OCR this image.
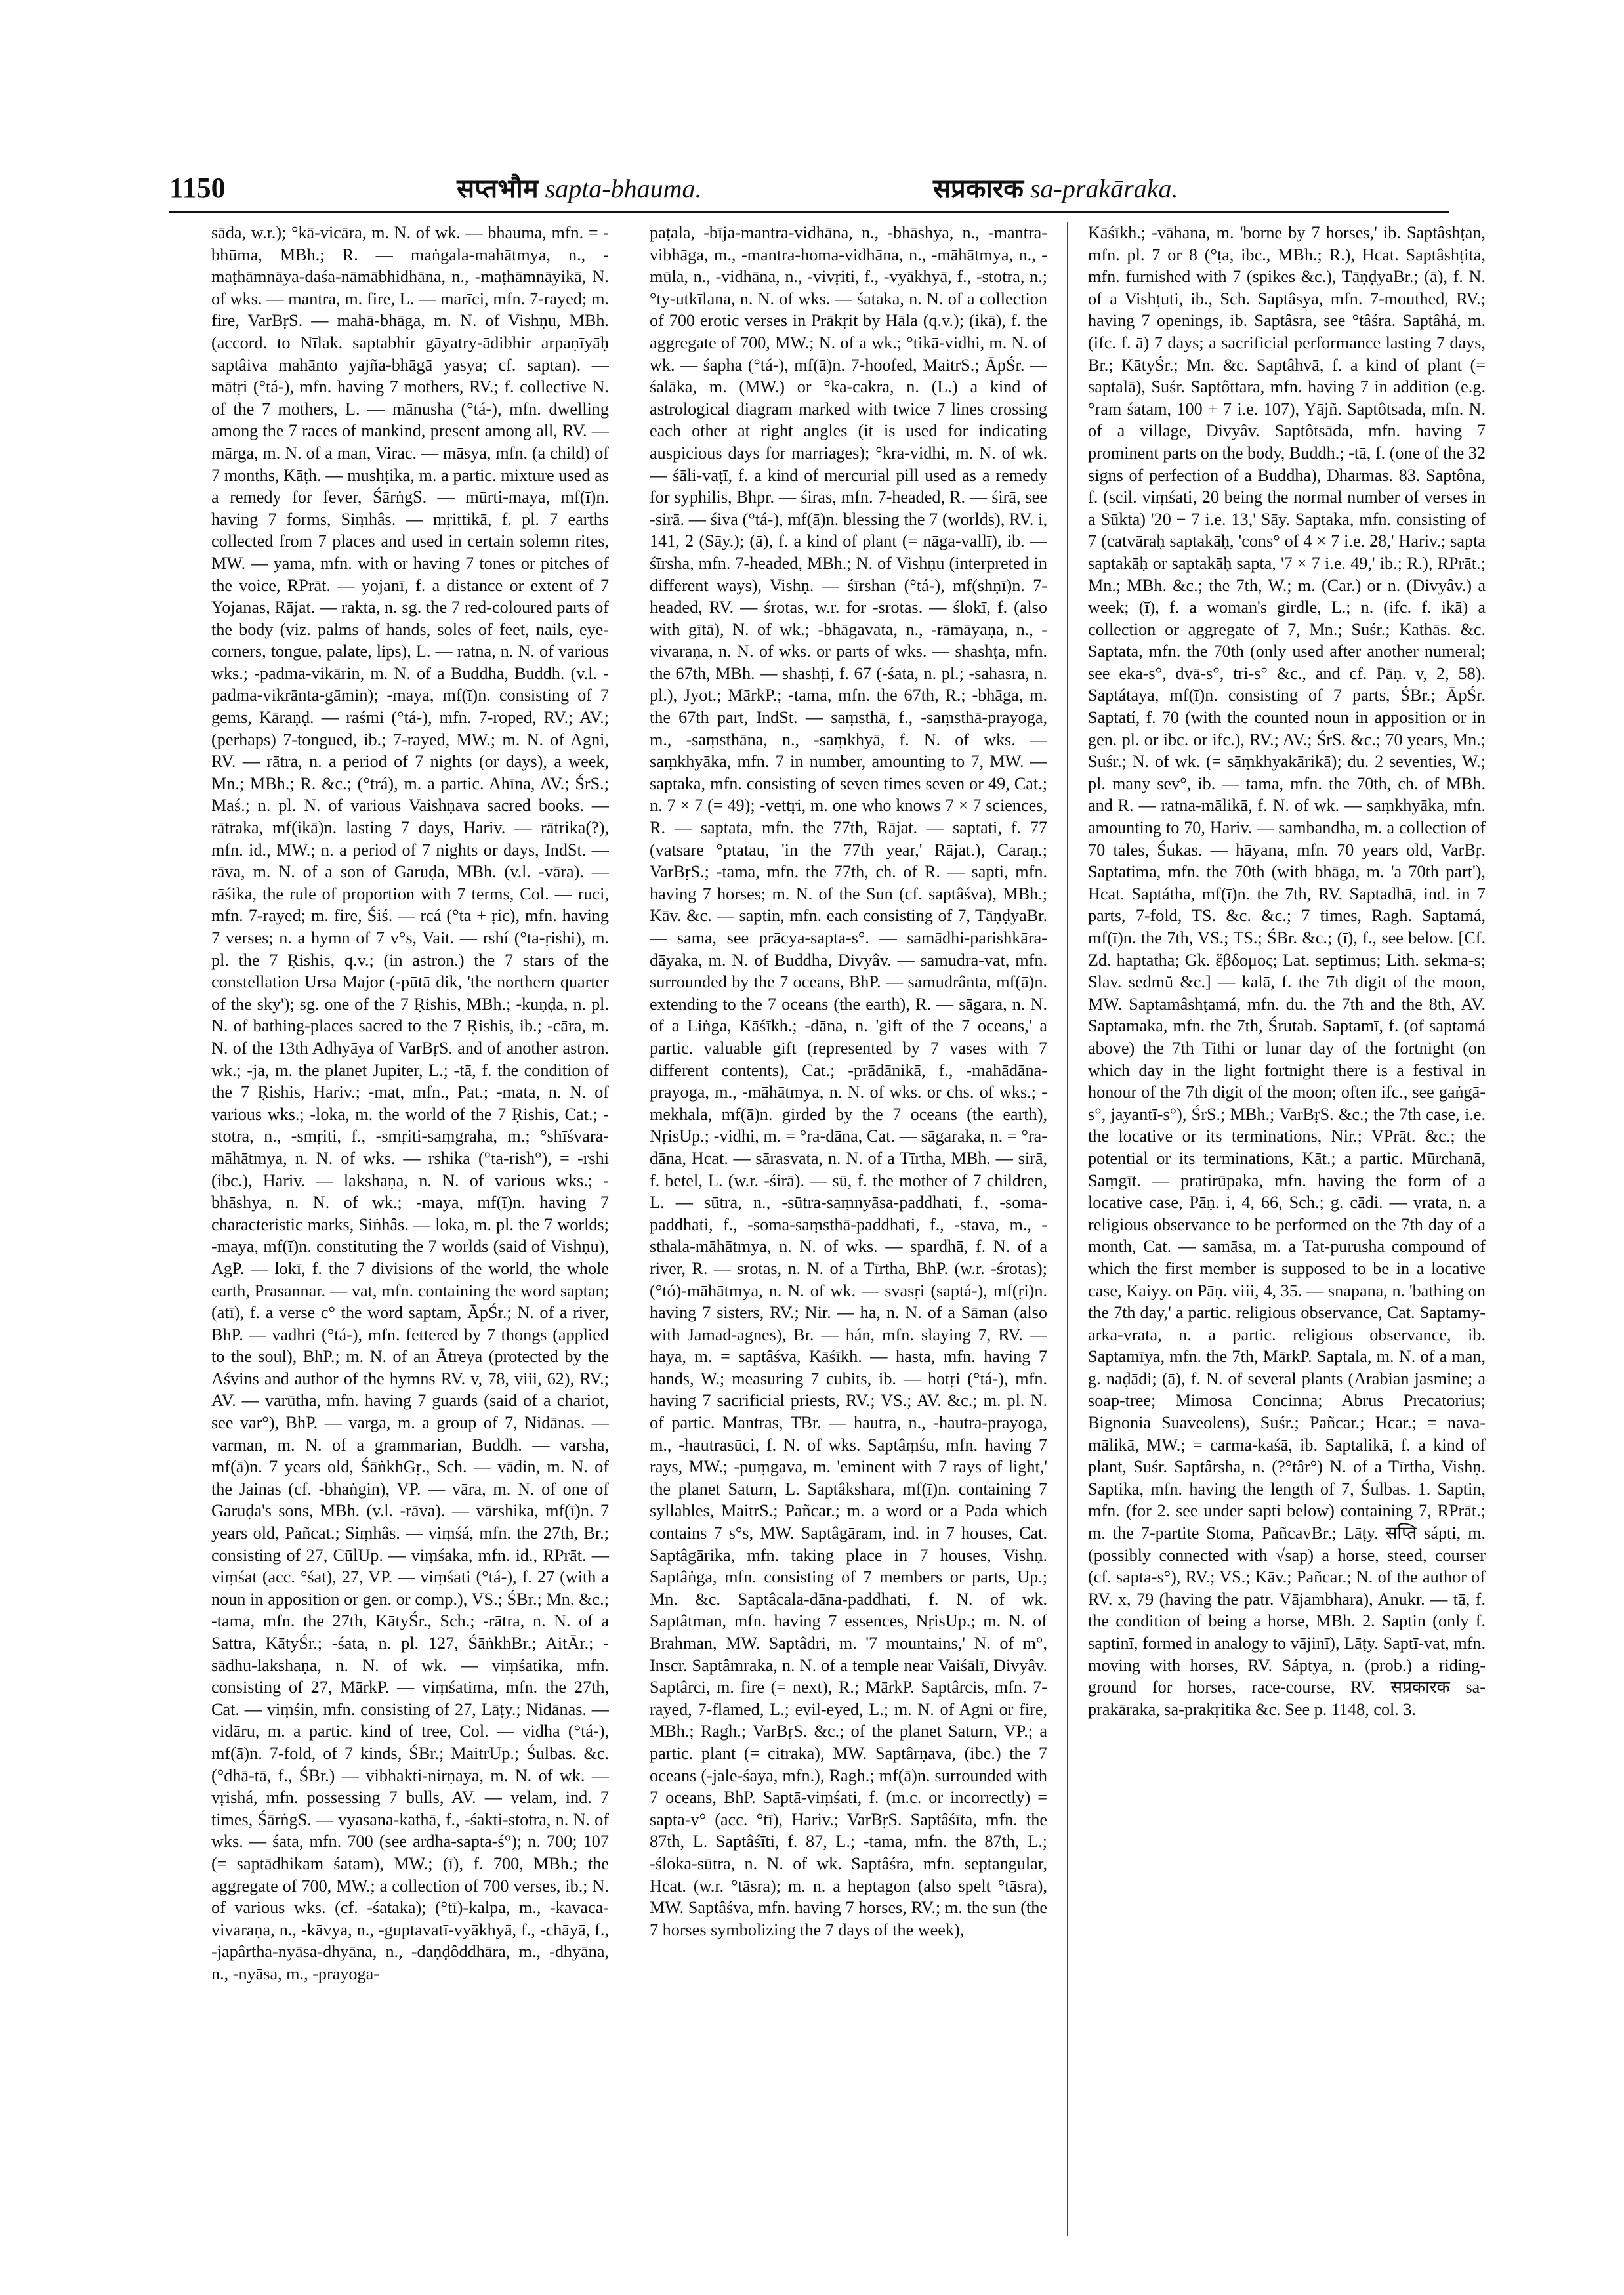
1150	सप्तभौम sapta-bhauma.	सप्रकारक sa-prakāraka.

sāda, w.r.); °kā-vicāra, m. N. of wk. — bhauma, mfn. = -bhūma, MBh.; R. — maṅgala-mahātmya, n., -maṭhāmnāya-daśa-nāmābhidhāna, n., -maṭhāmnāyikā, N. of wks. — mantra, m. fire, L. — marīci, mfn. 7-rayed; m. fire, VarBṛS. — mahā-bhāga, m. N. of Vishṇu, MBh. (accord. to Nīlak. saptabhir gāyatry-ādibhir arpaṇīyāḥ saptâiva mahānto yajña-bhāgā yasya; cf. saptan). — mātṛi (°tá-), mfn. having 7 mothers, RV.; f. collective N. of the 7 mothers, L. — mānusha (°tá-), mfn. dwelling among the 7 races of mankind, present among all, RV. — mārga, m. N. of a man, Virac. — māsya, mfn. (a child) of 7 months, Kāṭh. — mushṭika, m. a partic. mixture used as a remedy for fever, ŚārṅgS. — mūrti-maya, mf(ī)n. having 7 forms, Siṃhâs. — mṛittikā, f. pl. 7 earths collected from 7 places and used in certain solemn rites, MW. — yama, mfn. with or having 7 tones or pitches of the voice, RPrāt. — yojanī, f. a distance or extent of 7 Yojanas, Rājat. — rakta, n. sg. the 7 red-coloured parts of the body (viz. palms of hands, soles of feet, nails, eye-corners, tongue, palate, lips), L. — ratna, n. N. of various wks.; -padma-vikārin, m. N. of a Buddha, Buddh. (v.l. -padma-vikrānta-gāmin); -maya, mf(ī)n. consisting of 7 gems, Kāraṇḍ. — raśmi (°tá-), mfn. 7-roped, RV.; AV.; (perhaps) 7-tongued, ib.; 7-rayed, MW.; m. N. of Agni, RV. — rātra, n. a period of 7 nights (or days), a week, Mn.; MBh.; R. &c.; (°trá), m. a partic. Ahīna, AV.; ŚrS.; Maś.; n. pl. N. of various Vaishṇava sacred books. — rātraka, mf(ikā)n. lasting 7 days, Hariv. — rātrika(?), mfn. id., MW.; n. a period of 7 nights or days, IndSt. — rāva, m. N. of a son of Garuḍa, MBh. (v.l. -vāra). — rāśika, the rule of proportion with 7 terms, Col. — ruci, mfn. 7-rayed; m. fire, Śiś. — rcá (°ta + ṛic), mfn. having 7 verses; n. a hymn of 7 v°s, Vait. — rshí (°ta-ṛishi), m. pl. the 7 Ṛishis, q.v.; (in astron.) the 7 stars of the constellation Ursa Major (-pūtā dik, 'the northern quarter of the sky'); sg. one of the 7 Ṛishis, MBh.; -kuṇḍa, n. pl. N. of bathing-places sacred to the 7 Ṛishis, ib.; -cāra, m. N. of the 13th Adhyāya of VarBṛS. and of another astron. wk.; -ja, m. the planet Jupiter, L.; -tā, f. the condition of the 7 Ṛishis, Hariv.; -mat, mfn., Pat.; -mata, n. N. of various wks.; -loka, m. the world of the 7 Ṛishis, Cat.; -stotra, n., -smṛiti, f., -smṛiti-saṃgraha, m.; °shīśvara-māhātmya, n. N. of wks. — rshika (°ta-rish°), = -rshi (ibc.), Hariv. — lakshaṇa, n. N. of various wks.; -bhāshya, n. N. of wk.; -maya, mf(ī)n. having 7 characteristic marks, Siṅhâs. — loka, m. pl. the 7 worlds; -maya, mf(ī)n. constituting the 7 worlds (said of Vishṇu), AgP. — lokī, f. the 7 divisions of the world, the whole earth, Prasannar. — vat, mfn. containing the word saptan; (atī), f. a verse c° the word saptam, ĀpŚr.; N. of a river, BhP. — vadhri (°tá-), mfn. fettered by 7 thongs (applied to the soul), BhP.; m. N. of an Ātreya (protected by the Aśvins and author of the hymns RV. v, 78, viii, 62), RV.; AV. — varūtha, mfn. having 7 guards (said of a chariot, see var°), BhP. — varga, m. a group of 7, Nidānas. — varman, m. N. of a grammarian, Buddh. — varsha, mf(ā)n. 7 years old, ŚāṅkhGṛ., Sch. — vādin, m. N. of the Jainas (cf. -bhaṅgin), VP. — vāra, m. N. of one of Garuḍa's sons, MBh. (v.l. -rāva). — vārshika, mf(ī)n. 7 years old, Pañcat.; Siṃhâs. — viṃśá, mfn. the 27th, Br.; consisting of 27, CūlUp. — viṃśaka, mfn. id., RPrāt. — viṃśat (acc. °śat), 27, VP. — viṃśati (°tá-), f. 27 (with a noun in apposition or gen. or comp.), VS.; ŚBr.; Mn. &c.; -tama, mfn. the 27th, KātyŚr., Sch.; -rātra, n. N. of a Sattra, KātyŚr.; -śata, n. pl. 127, ŚāṅkhBr.; AitĀr.; -sādhu-lakshaṇa, n. N. of wk. — viṃśatika, mfn. consisting of 27, MārkP. — viṃśatima, mfn. the 27th, Cat. — viṃśin, mfn. consisting of 27, Lāṭy.; Nidānas. — vidāru, m. a partic. kind of tree, Col. — vidha (°tá-), mf(ā)n. 7-fold, of 7 kinds, ŚBr.; MaitrUp.; Śulbas. &c. (°dhā-tā, f., ŚBr.) — vibhakti-nirṇaya, m. N. of wk. — vṛishá, mfn. possessing 7 bulls, AV. — velam, ind. 7 times, ŚārṅgS. — vyasana-kathā, f., -śakti-stotra, n. N. of wks. — śata, mfn. 700 (see ardha-sapta-ś°); n. 700; 107 (= saptādhikam śatam), MW.; (ī), f. 700, MBh.; the aggregate of 700, MW.; a collection of 700 verses, ib.; N. of various wks. (cf. -śataka); (°tī)-kalpa, m., -kavaca-vivaraṇa, n., -kāvya, n., -guptavatī-vyākhyā, f., -chāyā, f., -japârtha-nyāsa-dhyāna, n., -daṇḍôddhāra, m., -dhyāna, n., -nyāsa, m., -prayoga-

paṭala, -bīja-mantra-vidhāna, n., -bhāshya, n., -mantra-vibhāga, m., -mantra-homa-vidhāna, n., -māhātmya, n., -mūla, n., -vidhāna, n., -vivṛiti, f., -vyākhyā, f., -stotra, n.; °ty-utkīlana, n. N. of wks. — śataka, n. N. of a collection of 700 erotic verses in Prākṛit by Hāla (q.v.); (ikā), f. the aggregate of 700, MW.; N. of a wk.; °tikā-vidhi, m. N. of wk. — śapha (°tá-), mf(ā)n. 7-hoofed, MaitrS.; ĀpŚr. — śalāka, m. (MW.) or °ka-cakra, n. (L.) a kind of astrological diagram marked with twice 7 lines crossing each other at right angles (it is used for indicating auspicious days for marriages); °kra-vidhi, m. N. of wk. — śāli-vaṭī, f. a kind of mercurial pill used as a remedy for syphilis, Bhpr. — śiras, mfn. 7-headed, R. — śirā, see -sirā. — śiva (°tá-), mf(ā)n. blessing the 7 (worlds), RV. i, 141, 2 (Sāy.); (ā), f. a kind of plant (= nāga-vallī), ib. — śīrsha, mfn. 7-headed, MBh.; N. of Vishṇu (interpreted in different ways), Vishṇ. — śīrshan (°tá-), mf(shṇī)n. 7-headed, RV. — śrotas, w.r. for -srotas. — ślokī, f. (also with gītā), N. of wk.; -bhāgavata, n., -rāmāyaṇa, n., -vivaraṇa, n. N. of wks. or parts of wks. — shashṭa, mfn. the 67th, MBh. — shashṭi, f. 67 (-śata, n. pl.; -sahasra, n. pl.), Jyot.; MārkP.; -tama, mfn. the 67th, R.; -bhāga, m. the 67th part, IndSt. — saṃsthā, f., -saṃsthā-prayoga, m., -saṃsthāna, n., -saṃkhyā, f. N. of wks. — saṃkhyāka, mfn. 7 in number, amounting to 7, MW. — saptaka, mfn. consisting of seven times seven or 49, Cat.; n. 7 × 7 (= 49); -vettṛi, m. one who knows 7 × 7 sciences, R. — saptata, mfn. the 77th, Rājat. — saptati, f. 77 (vatsare °ptatau, 'in the 77th year,' Rājat.), Caraṇ.; VarBṛS.; -tama, mfn. the 77th, ch. of R. — sapti, mfn. having 7 horses; m. N. of the Sun (cf. saptâśva), MBh.; Kāv. &c. — saptin, mfn. each consisting of 7, TāṇḍyaBr. — sama, see prācya-sapta-s°. — samādhi-parishkāra-dāyaka, m. N. of Buddha, Divyâv. — samudra-vat, mfn. surrounded by the 7 oceans, BhP. — samudrânta, mf(ā)n. extending to the 7 oceans (the earth), R. — sāgara, n. N. of a Liṅga, Kāśīkh.; -dāna, n. 'gift of the 7 oceans,' a partic. valuable gift (represented by 7 vases with 7 different contents), Cat.; -prādānikā, f., -mahādāna-prayoga, m., -māhātmya, n. N. of wks. or chs. of wks.; -mekhala, mf(ā)n. girded by the 7 oceans (the earth), NṛisUp.; -vidhi, m. = °ra-dāna, Cat. — sāgaraka, n. = °ra-dāna, Hcat. — sārasvata, n. N. of a Tīrtha, MBh. — sirā, f. betel, L. (w.r. -śirā). — sū, f. the mother of 7 children, L. — sūtra, n., -sūtra-saṃnyāsa-paddhati, f., -soma-paddhati, f., -soma-saṃsthā-paddhati, f., -stava, m., -sthala-māhātmya, n. N. of wks. — spardhā, f. N. of a river, R. — srotas, n. N. of a Tīrtha, BhP. (w.r. -śrotas); (°tó)-māhātmya, n. N. of wk. — svasṛi (saptá-), mf(ṛi)n. having 7 sisters, RV.; Nir. — ha, n. N. of a Sāman (also with Jamad-agnes), Br. — hán, mfn. slaying 7, RV. — haya, m. = saptâśva, Kāśīkh. — hasta, mfn. having 7 hands, W.; measuring 7 cubits, ib. — hotṛi (°tá-), mfn. having 7 sacrificial priests, RV.; VS.; AV. &c.; m. pl. N. of partic. Mantras, TBr. — hautra, n., -hautra-prayoga, m., -hautrasūci, f. N. of wks. Saptâṃśu, mfn. having 7 rays, MW.; -puṃgava, m. 'eminent with 7 rays of light,' the planet Saturn, L. Saptâkshara, mf(ī)n. containing 7 syllables, MaitrS.; Pañcar.; m. a word or a Pada which contains 7 s°s, MW. Saptâgāram, ind. in 7 houses, Cat. Saptâgārika, mfn. taking place in 7 houses, Vishṇ. Saptâṅga, mfn. consisting of 7 members or parts, Up.; Mn. &c. Saptâcala-dāna-paddhati, f. N. of wk. Saptâtman, mfn. having 7 essences, NṛisUp.; m. N. of Brahman, MW. Saptâdri, m. '7 mountains,' N. of m°, Inscr. Saptâmraka, n. N. of a temple near Vaiśālī, Divyâv. Saptârci, m. fire (= next), R.; MārkP. Saptârcis, mfn. 7-rayed, 7-flamed, L.; evil-eyed, L.; m. N. of Agni or fire, MBh.; Ragh.; VarBṛS. &c.; of the planet Saturn, VP.; a partic. plant (= citraka), MW. Saptârṇava, (ibc.) the 7 oceans (-jale-śaya, mfn.), Ragh.; mf(ā)n. surrounded with 7 oceans, BhP. Saptā-viṃśati, f. (m.c. or incorrectly) = sapta-v° (acc. °tī), Hariv.; VarBṛS. Saptâśīta, mfn. the 87th, L. Saptâśīti, f. 87, L.; -tama, mfn. the 87th, L.; -śloka-sūtra, n. N. of wk. Saptâśra, mfn. septangular, Hcat. (w.r. °tāsra); m. n. a heptagon (also spelt °tāsra), MW. Saptâśva, mfn. having 7 horses, RV.; m. the sun (the 7 horses symbolizing the 7 days of the week),

Kāśīkh.; -vāhana, m. 'borne by 7 horses,' ib. Saptâshṭan, mfn. pl. 7 or 8 (°ṭa, ibc., MBh.; R.), Hcat. Saptâshṭita, mfn. furnished with 7 (spikes &c.), TāṇḍyaBr.; (ā), f. N. of a Vishṭuti, ib., Sch. Saptâsya, mfn. 7-mouthed, RV.; having 7 openings, ib. Saptâsra, see °tâśra. Saptâhá, m. (ifc. f. ā) 7 days; a sacrificial performance lasting 7 days, Br.; KātyŚr.; Mn. &c. Saptâhvā, f. a kind of plant (= saptalā), Suśr. Saptôttara, mfn. having 7 in addition (e.g. °ram śatam, 100 + 7 i.e. 107), Yājñ. Saptôtsada, mfn. N. of a village, Divyâv. Saptôtsāda, mfn. having 7 prominent parts on the body, Buddh.; -tā, f. (one of the 32 signs of perfection of a Buddha), Dharmas. 83. Saptôna, f. (scil. viṃśati, 20 being the normal number of verses in a Sūkta) '20 − 7 i.e. 13,' Sāy. Saptaka, mfn. consisting of 7 (catvāraḥ saptakāḥ, 'cons° of 4 × 7 i.e. 28,' Hariv.; sapta saptakāḥ or saptakāḥ sapta, '7 × 7 i.e. 49,' ib.; R.), RPrāt.; Mn.; MBh. &c.; the 7th, W.; m. (Car.) or n. (Divyâv.) a week; (ī), f. a woman's girdle, L.; n. (ifc. f. ikā) a collection or aggregate of 7, Mn.; Suśr.; Kathās. &c. Saptata, mfn. the 70th (only used after another numeral; see eka-s°, dvā-s°, tri-s° &c., and cf. Pāṇ. v, 2, 58). Saptátaya, mf(ī)n. consisting of 7 parts, ŚBr.; ĀpŚr. Saptatí, f. 70 (with the counted noun in apposition or in gen. pl. or ibc. or ifc.), RV.; AV.; ŚrS. &c.; 70 years, Mn.; Suśr.; N. of wk. (= sāṃkhyakārikā); du. 2 seventies, W.; pl. many sev°, ib. — tama, mfn. the 70th, ch. of MBh. and R. — ratna-mālikā, f. N. of wk. — saṃkhyāka, mfn. amounting to 70, Hariv. — sambandha, m. a collection of 70 tales, Śukas. — hāyana, mfn. 70 years old, VarBṛ. Saptatima, mfn. the 70th (with bhāga, m. 'a 70th part'), Hcat. Saptátha, mf(ī)n. the 7th, RV. Saptadhā, ind. in 7 parts, 7-fold, TS. &c. &c.; 7 times, Ragh. Saptamá, mf(ī)n. the 7th, VS.; TS.; ŚBr. &c.; (ī), f., see below. [Cf. Zd. haptatha; Gk. ἕβδομος; Lat. septimus; Lith. sekma-s; Slav. sedmŭ &c.] — kalā, f. the 7th digit of the moon, MW. Saptamâshṭamá, mfn. du. the 7th and the 8th, AV. Saptamaka, mfn. the 7th, Śrutab. Saptamī, f. (of saptamá above) the 7th Tithi or lunar day of the fortnight (on which day in the light fortnight there is a festival in honour of the 7th digit of the moon; often ifc., see gaṅgā-s°, jayantī-s°), ŚrS.; MBh.; VarBṛS. &c.; the 7th case, i.e. the locative or its terminations, Nir.; VPrāt. &c.; the potential or its terminations, Kāt.; a partic. Mūrchanā, Saṃgīt. — pratirūpaka, mfn. having the form of a locative case, Pāṇ. i, 4, 66, Sch.; g. cādi. — vrata, n. a religious observance to be performed on the 7th day of a month, Cat. — samāsa, m. a Tat-purusha compound of which the first member is supposed to be in a locative case, Kaiyy. on Pāṇ. viii, 4, 35. — snapana, n. 'bathing on the 7th day,' a partic. religious observance, Cat. Saptamy-arka-vrata, n. a partic. religious observance, ib. Saptamīya, mfn. the 7th, MārkP. Saptala, m. N. of a man, g. naḍādi; (ā), f. N. of several plants (Arabian jasmine; a soap-tree; Mimosa Concinna; Abrus Precatorius; Bignonia Suaveolens), Suśr.; Pañcar.; Hcar.; = nava-mālikā, MW.; = carma-kaśā, ib. Saptalikā, f. a kind of plant, Suśr. Saptârsha, n. (?°târ°) N. of a Tīrtha, Vishṇ. Saptika, mfn. having the length of 7, Śulbas. 1. Saptin, mfn. (for 2. see under sapti below) containing 7, RPrāt.; m. the 7-partite Stoma, PañcavBr.; Lāṭy. सप्ति sápti, m. (possibly connected with √sap) a horse, steed, courser (cf. sapta-s°), RV.; VS.; Kāv.; Pañcar.; N. of the author of RV. x, 79 (having the patr. Vājambhara), Anukr. — tā, f. the condition of being a horse, MBh. 2. Saptin (only f. saptinī, formed in analogy to vājinī), Lāṭy. Saptī-vat, mfn. moving with horses, RV. Sáptya, n. (prob.) a riding-ground for horses, race-course, RV. सप्रकारक sa-prakāraka, sa-prakṛitika &c. See p. 1148, col. 3.
